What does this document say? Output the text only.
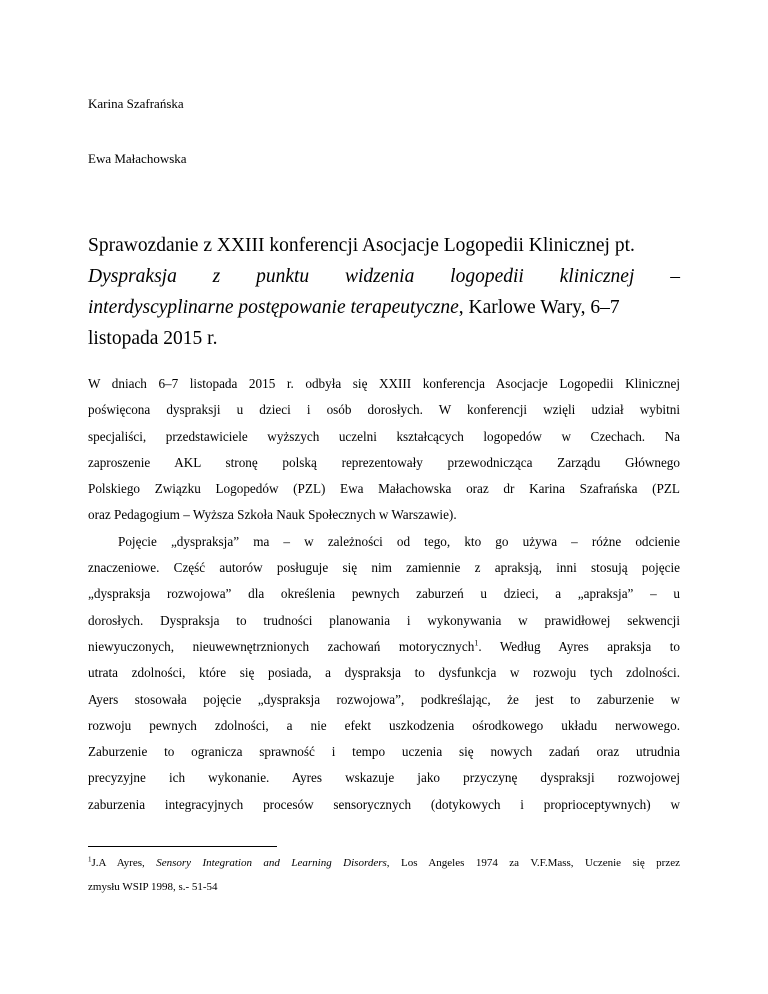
Karina Szafrańska
Ewa Małachowska
Sprawozdanie z XXIII konferencji Asocjacje Logopedii Klinicznej pt.
Dyspraksja z punktu widzenia logopedii klinicznej –
interdyscyplinarne postępowanie terapeutyczne, Karlowe Wary, 6–7
listopada 2015 r.
W dniach 6–7 listopada 2015 r. odbyła się XXIII konferencja Asocjacje Logopedii Klinicznej
poświęcona dyspraksji u dzieci i osób dorosłych. W konferencji wzięli udział wybitni
specjaliści, przedstawiciele wyższych uczelni kształcących logopedów w Czechach. Na
zaproszenie AKL stronę polską reprezentowały przewodnicząca Zarządu Głównego
Polskiego Związku Logopedów (PZL) Ewa Małachowska oraz dr Karina Szafrańska (PZL
oraz Pedagogium – Wyższa Szkoła Nauk Społecznych w Warszawie).
Pojęcie „dyspraksja” ma – w zależności od tego, kto go używa – różne odcienie
znaczeniowe. Część autorów posługuje się nim zamiennie z apraksją, inni stosują pojęcie
„dyspraksja rozwojowa” dla określenia pewnych zaburzeń u dzieci, a „apraksja” – u
dorosłych. Dyspraksja to trudności planowania i wykonywania w prawidłowej sekwencji
niewyuczonych, nieuwewnętrznionych zachowań motorycznych$^1$. Według Ayres apraksja to
utrata zdolności, które się posiada, a dyspraksja to dysfunkcja w rozwoju tych zdolności.
Ayers stosowała pojęcie „dyspraksja rozwojowa”, podkreślając, że jest to zaburzenie w
rozwoju pewnych zdolności, a nie efekt uszkodzenia ośrodkowego układu nerwowego.
Zaburzenie to ogranicza sprawność i tempo uczenia się nowych zadań oraz utrudnia
precyzyjne ich wykonanie. Ayres wskazuje jako przyczynę dyspraksji rozwojowej
zaburzenia integracyjnych procesów sensorycznych (dotykowych i proprioceptywnych) w
$^1$J.A Ayres, Sensory Integration and Learning Disorders, Los Angeles 1974 za V.F.Mass, Uczenie się przez
zmysłu WSIP 1998, s.- 51-54
